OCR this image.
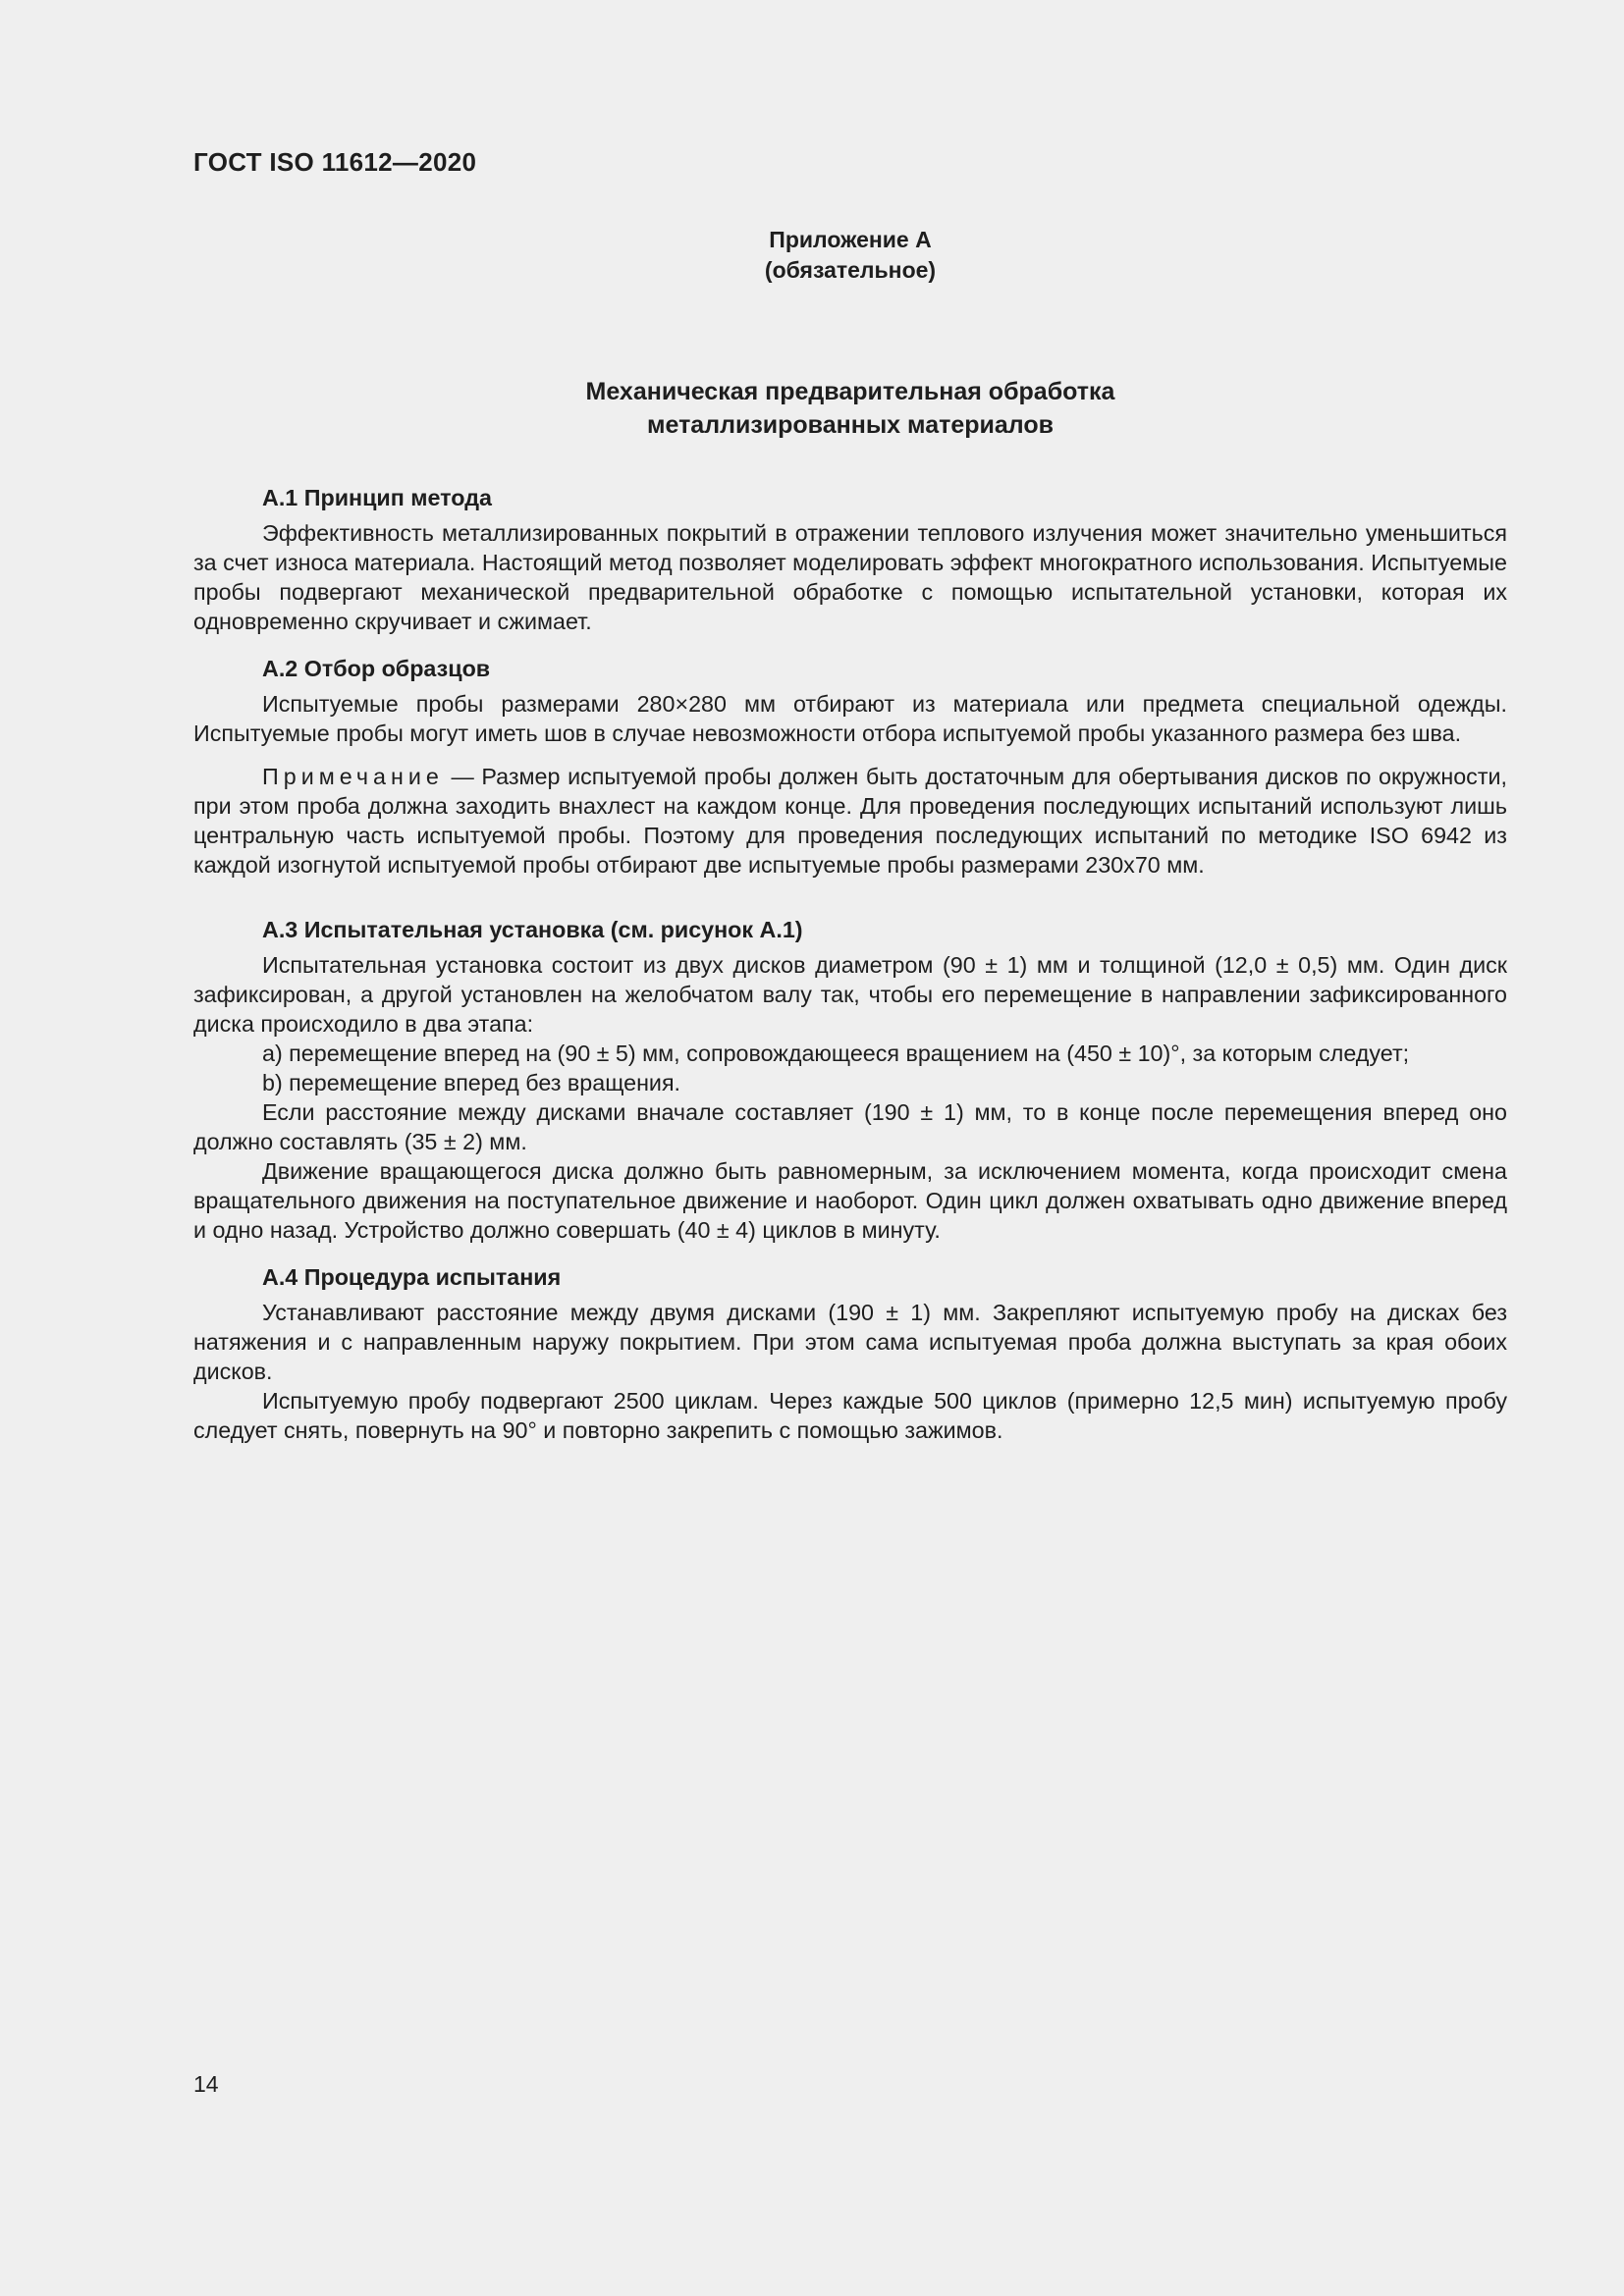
ГОСТ ISO 11612—2020
Приложение А
(обязательное)
Механическая предварительная обработка
металлизированных материалов
А.1 Принцип метода

Эффективность металлизированных покрытий в отражении теплового излучения может значительно уменьшиться за счет износа материала. Настоящий метод позволяет моделировать эффект многократного использования. Испытуемые пробы подвергают механической предварительной обработке с помощью испытательной установки, которая их одновременно скручивает и сжимает.

А.2 Отбор образцов

Испытуемые пробы размерами 280×280 мм отбирают из материала или предмета специальной одежды. Испытуемые пробы могут иметь шов в случае невозможности отбора испытуемой пробы указанного размера без шва.

Примечание — Размер испытуемой пробы должен быть достаточным для обертывания дисков по окружности, при этом проба должна заходить внахлест на каждом конце. Для проведения последующих испытаний используют лишь центральную часть испытуемой пробы. Поэтому для проведения последующих испытаний по методике ISO 6942 из каждой изогнутой испытуемой пробы отбирают две испытуемые пробы размерами 230x70 мм.

А.3 Испытательная установка (см. рисунок А.1)

Испытательная установка состоит из двух дисков диаметром (90 ± 1) мм и толщиной (12,0 ± 0,5) мм. Один диск зафиксирован, а другой установлен на желобчатом валу так, чтобы его перемещение в направлении зафиксированного диска происходило в два этапа:

a) перемещение вперед на (90 ± 5) мм, сопровождающееся вращением на (450 ± 10)°, за которым следует;
b) перемещение вперед без вращения.

Если расстояние между дисками вначале составляет (190 ± 1) мм, то в конце после перемещения вперед оно должно составлять (35 ± 2) мм.

Движение вращающегося диска должно быть равномерным, за исключением момента, когда происходит смена вращательного движения на поступательное движение и наоборот. Один цикл должен охватывать одно движение вперед и одно назад. Устройство должно совершать (40 ± 4) циклов в минуту.

А.4 Процедура испытания

Устанавливают расстояние между двумя дисками (190 ± 1) мм. Закрепляют испытуемую пробу на дисках без натяжения и с направленным наружу покрытием. При этом сама испытуемая проба должна выступать за края обоих дисков.

Испытуемую пробу подвергают 2500 циклам. Через каждые 500 циклов (примерно 12,5 мин) испытуемую пробу следует снять, повернуть на 90° и повторно закрепить с помощью зажимов.

14
